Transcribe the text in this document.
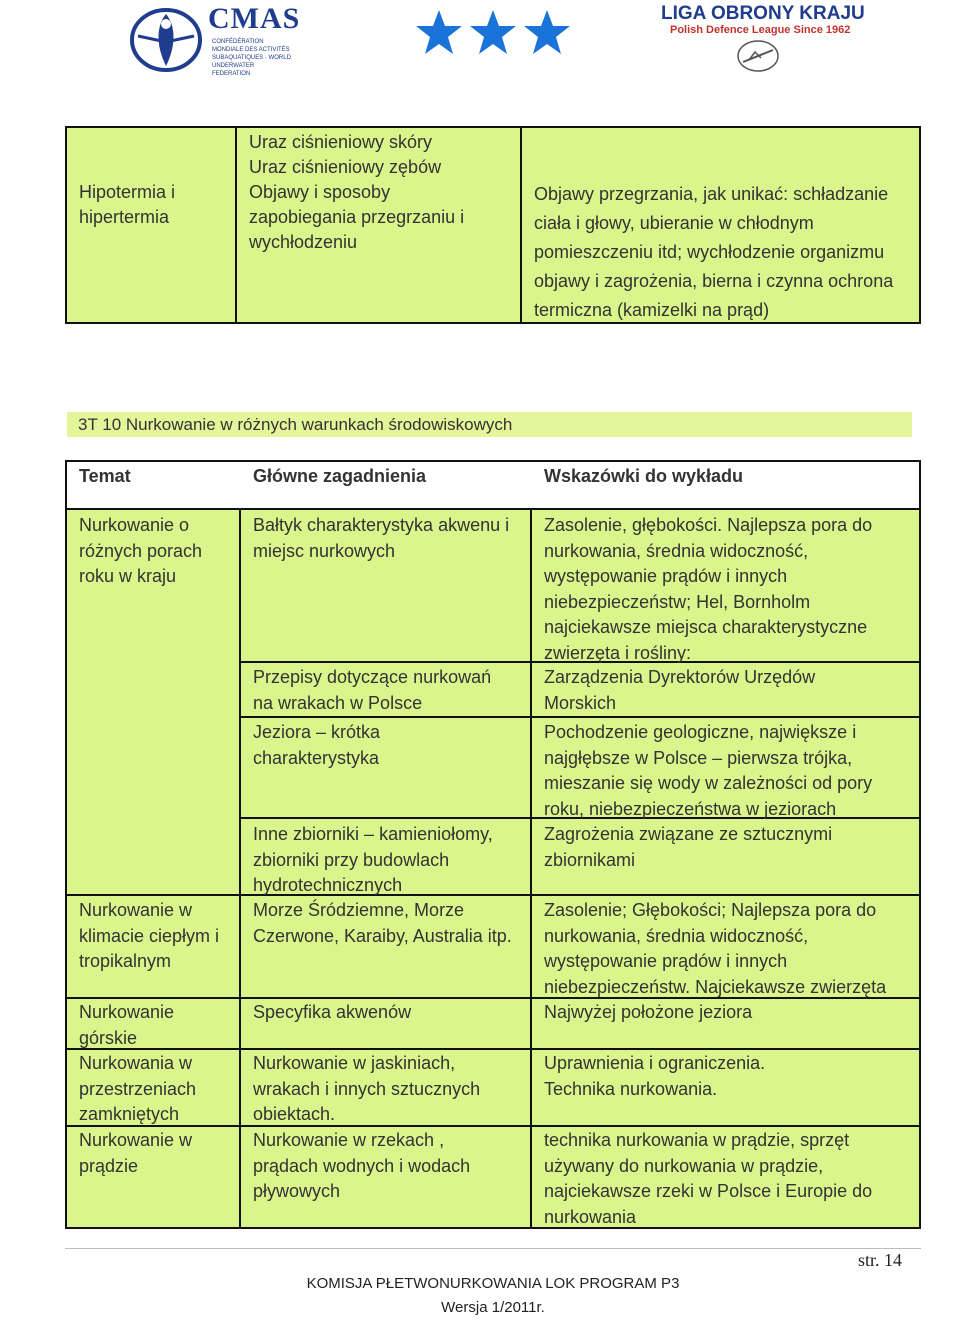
CMAS
CONFÉDÉRATION MONDIALE DES ACTIVITÉS SUBAQUATIQUES · WORLD UNDERWATER FEDERATION
LIGA OBRONY KRAJU
Polish Defence League Since 1962
Hipotermia i hipertermia
Uraz ciśnieniowy skóry
Uraz ciśnieniowy zębów
Objawy i sposoby zapobiegania przegrzaniu i wychłodzeniu
Objawy przegrzania, jak unikać: schładzanie ciała i głowy, ubieranie w chłodnym pomieszczeniu itd; wychłodzenie organizmu objawy i zagrożenia, bierna i czynna ochrona termiczna (kamizelki na prąd)
3T 10 Nurkowanie w różnych warunkach środowiskowych
Temat	Główne zagadnienia	Wskazówki do wykładu
Nurkowanie o różnych porach roku w kraju
Nurkowanie w klimacie ciepłym i tropikalnym
Nurkowanie górskie
Nurkowania w przestrzeniach zamkniętych
Nurkowanie w prądzie
Bałtyk charakterystyka akwenu i miejsc nurkowych
Przepisy dotyczące nurkowań na wrakach w Polsce
Jeziora – krótka charakterystyka
Inne zbiorniki – kamieniołomy, zbiorniki przy budowlach hydrotechnicznych
Morze Śródziemne, Morze Czerwone, Karaiby, Australia itp.
Specyfika akwenów
Nurkowanie w jaskiniach, wrakach i innych sztucznych obiektach.
Nurkowanie w rzekach , prądach wodnych i wodach pływowych
Zasolenie, głębokości. Najlepsza pora do nurkowania, średnia widoczność, występowanie prądów i innych niebezpieczeństw; Hel, Bornholm najciekawsze miejsca charakterystyczne zwierzęta i rośliny:
Zarządzenia Dyrektorów Urzędów Morskich
Pochodzenie geologiczne, największe i najgłębsze w Polsce – pierwsza trójka, mieszanie się wody w zależności od pory roku, niebezpieczeństwa w jeziorach
Zagrożenia związane ze sztucznymi zbiornikami
Zasolenie; Głębokości; Najlepsza pora do nurkowania, średnia widoczność, występowanie prądów i innych niebezpieczeństw. Najciekawsze zwierzęta
Najwyżej położone jeziora
Uprawnienia i ograniczenia. Technika nurkowania.
technika nurkowania w prądzie, sprzęt używany do nurkowania w prądzie, najciekawsze rzeki w Polsce i Europie do nurkowania
str. 14
KOMISJA PŁETWONURKOWANIA LOK PROGRAM P3
Wersja 1/2011r.
